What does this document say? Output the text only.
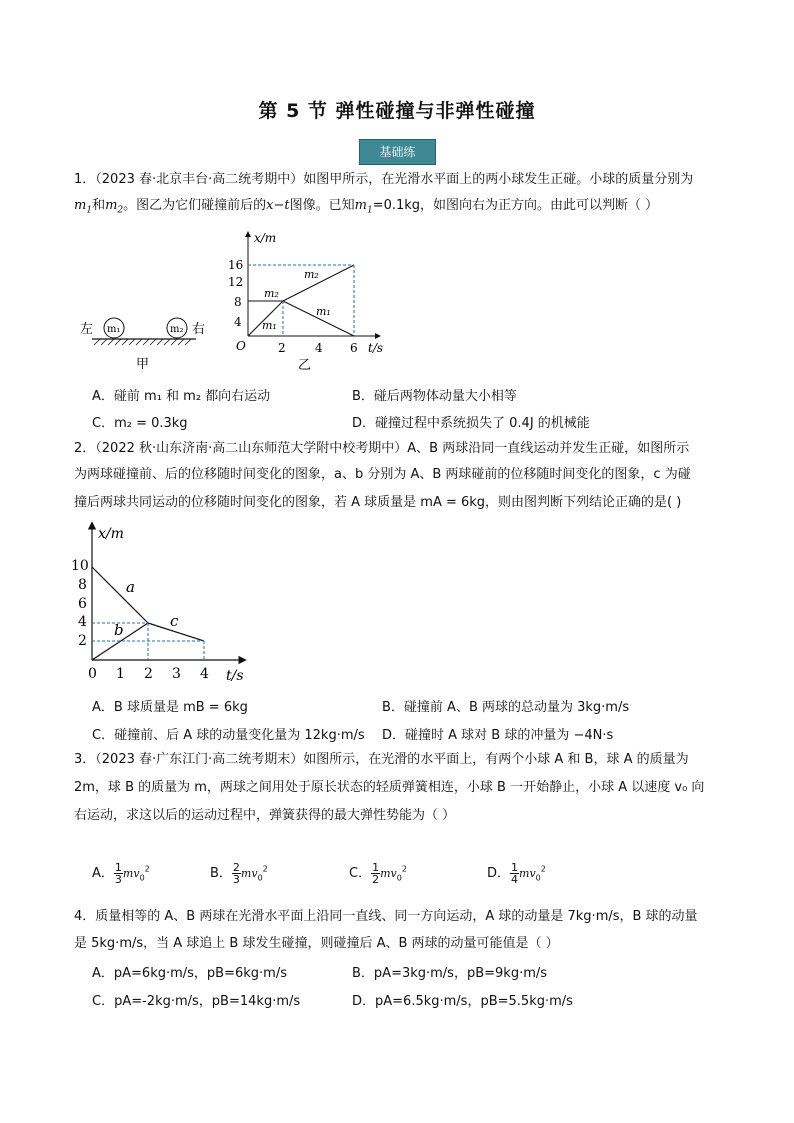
第 5 节 弹性碰撞与非弹性碰撞
基础练
1．（2023 春·北京丰台·高二统考期中）如图甲所示，在光滑水平面上的两小球发生正碰。小球的质量分别为
$m_1$和$m_2$。图乙为它们碰撞前后的x−t图像。已知$m_1=0.1kg$，如图向右为正方向。由此可以判断（ ）
左 m₁	m₂ 右
甲
x/m
t/s
O
4
8
12
16
2 4 6
m₂
m₁
m₂
m₁
乙
A．碰前 m₁ 和 m₂ 都向右运动	B．碰后两物体动量大小相等
C．m₂ = 0.3kg	D．碰撞过程中系统损失了 0.4J 的机械能
2．（2022 秋·山东济南·高二山东师范大学附中校考期中）A、B 两球沿同一直线运动并发生正碰，如图所示
为两球碰撞前、后的位移随时间变化的图象，a、b 分别为 A、B 两球碰前的位移随时间变化的图象，c 为碰
撞后两球共同运动的位移随时间变化的图象，若 A 球质量是 mA = 6kg，则由图判断下列结论正确的是( )
x/m
t/s
2
4
6
8
10
0 1 2 3 4
a
b	c
A．B 球质量是 mB = 6kg	B．碰撞前 A、B 两球的总动量为 3kg·m/s
C．碰撞前、后 A 球的动量变化量为 12kg·m/s D．碰撞时 A 球对 B 球的冲量为 −4N·s
3．（2023 春·广东江门·高二统考期末）如图所示，在光滑的水平面上，有两个小球 A 和 B，球 A 的质量为
2m，球 B 的质量为 m，两球之间用处于原长状态的轻质弹簧相连，小球 B 一开始静止，小球 A 以速度 v₀ 向
右运动，求这以后的运动过程中，弹簧获得的最大弹性势能为（ ）
A． $\frac{1}{3} mv_0^2$	B． $\frac{2}{3} mv_0^2$	C． $\frac{1}{2} mv_0^2$	D． $\frac{1}{4} mv_0^2$
4．质量相等的 A、B 两球在光滑水平面上沿同一直线、同一方向运动，A 球的动量是 7kg·m/s，B 球的动量
是 5kg·m/s，当 A 球追上 B 球发生碰撞，则碰撞后 A、B 两球的动量可能值是（ ）
A．pA=6kg·m/s，pB=6kg·m/s	B．pA=3kg·m/s，pB=9kg·m/s
C．pA=-2kg·m/s，pB=14kg·m/s	D．pA=6.5kg·m/s，pB=5.5kg·m/s
